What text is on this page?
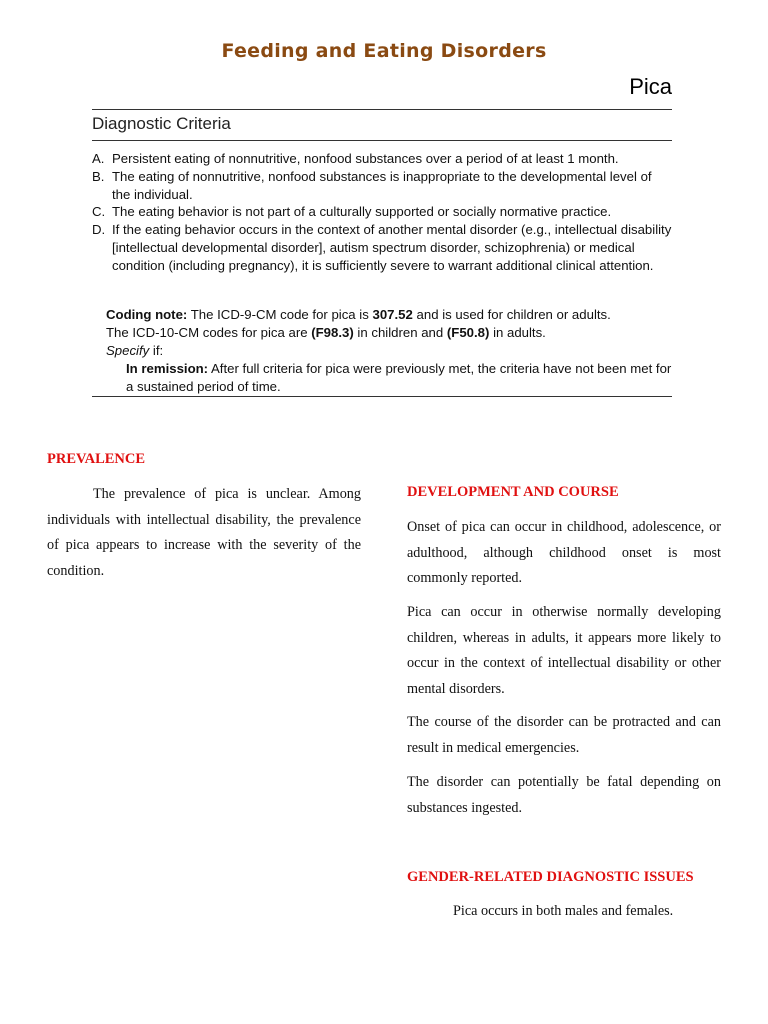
Feeding and Eating Disorders
Pica
Diagnostic Criteria
A. Persistent eating of nonnutritive, nonfood substances over a period of at least 1 month.
B. The eating of nonnutritive, nonfood substances is inappropriate to the developmental level of the individual.
C. The eating behavior is not part of a culturally supported or socially normative practice.
D. If the eating behavior occurs in the context of another mental disorder (e.g., intellectual disability [intellectual developmental disorder], autism spectrum disorder, schizophrenia) or medical condition (including pregnancy), it is sufficiently severe to warrant additional clinical attention.
Coding note: The ICD-9-CM code for pica is 307.52 and is used for children or adults.
The ICD-10-CM codes for pica are (F98.3) in children and (F50.8) in adults.
Specify if:
In remission: After full criteria for pica were previously met, the criteria have not been met for a sustained period of time.
PREVALENCE
The prevalence of pica is unclear. Among individuals with intellectual disability, the prevalence of pica appears to increase with the severity of the condition.
DEVELOPMENT AND COURSE
Onset of pica can occur in childhood, adolescence, or adulthood, although childhood onset is most commonly reported.
Pica can occur in otherwise normally developing children, whereas in adults, it appears more likely to occur in the context of intellectual disability or other mental disorders.
The course of the disorder can be protracted and can result in medical emergencies.
The disorder can potentially be fatal depending on substances ingested.
GENDER-RELATED DIAGNOSTIC ISSUES
Pica occurs in both males and females.
